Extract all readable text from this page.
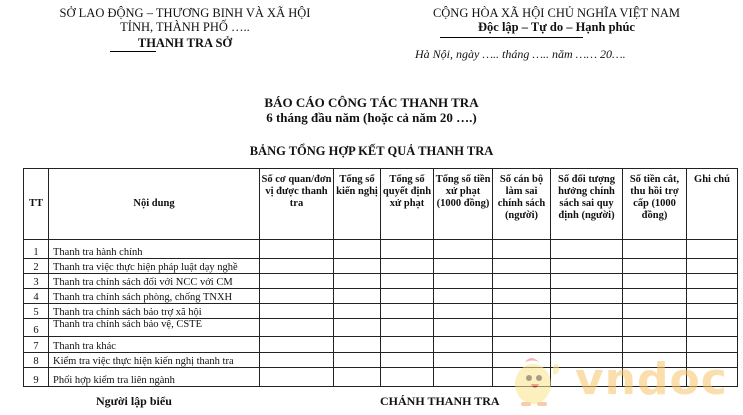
SỞ LAO ĐỘNG – THƯƠNG BINH VÀ XÃ HỘI
TỈNH, THÀNH PHỐ …..
THANH TRA SỞ
CỘNG HÒA XÃ HỘI CHỦ NGHĨA VIỆT NAM
Độc lập – Tự do – Hạnh phúc
Hà Nội, ngày ….. tháng ….. năm …… 20….
BÁO CÁO CÔNG TÁC THANH TRA
6 tháng đầu năm (hoặc cả năm 20 ….)
BẢNG TỔNG HỢP KẾT QUẢ THANH TRA
TT	Nội dung	Số cơ quan/đơn vị được thanh tra	Tổng số kiến nghị	Tổng số quyết định xử phạt	Tổng số tiền xử phạt (1000 đồng)	Số cán bộ làm sai chính sách (người)	Số đối tượng hưởng chính sách sai quy định (người)	Số tiền cắt, thu hồi trợ cấp (1000 đồng)	Ghi chú
1	Thanh tra hành chính								
2	Thanh tra việc thực hiện pháp luật dạy nghề								
3	Thanh tra chính sách đối với NCC với CM								
4	Thanh tra chính sách phòng, chống TNXH								
5	Thanh tra chính sách bảo trợ xã hội								
6	Thanh tra chính sách bảo vệ, CSTE								
7	Thanh tra khác								
8	Kiểm tra việc thực hiện kiến nghị thanh tra								
9	Phối hợp kiểm tra liên ngành								
Người lập biểu	CHÁNH THANH TRA vndoc
